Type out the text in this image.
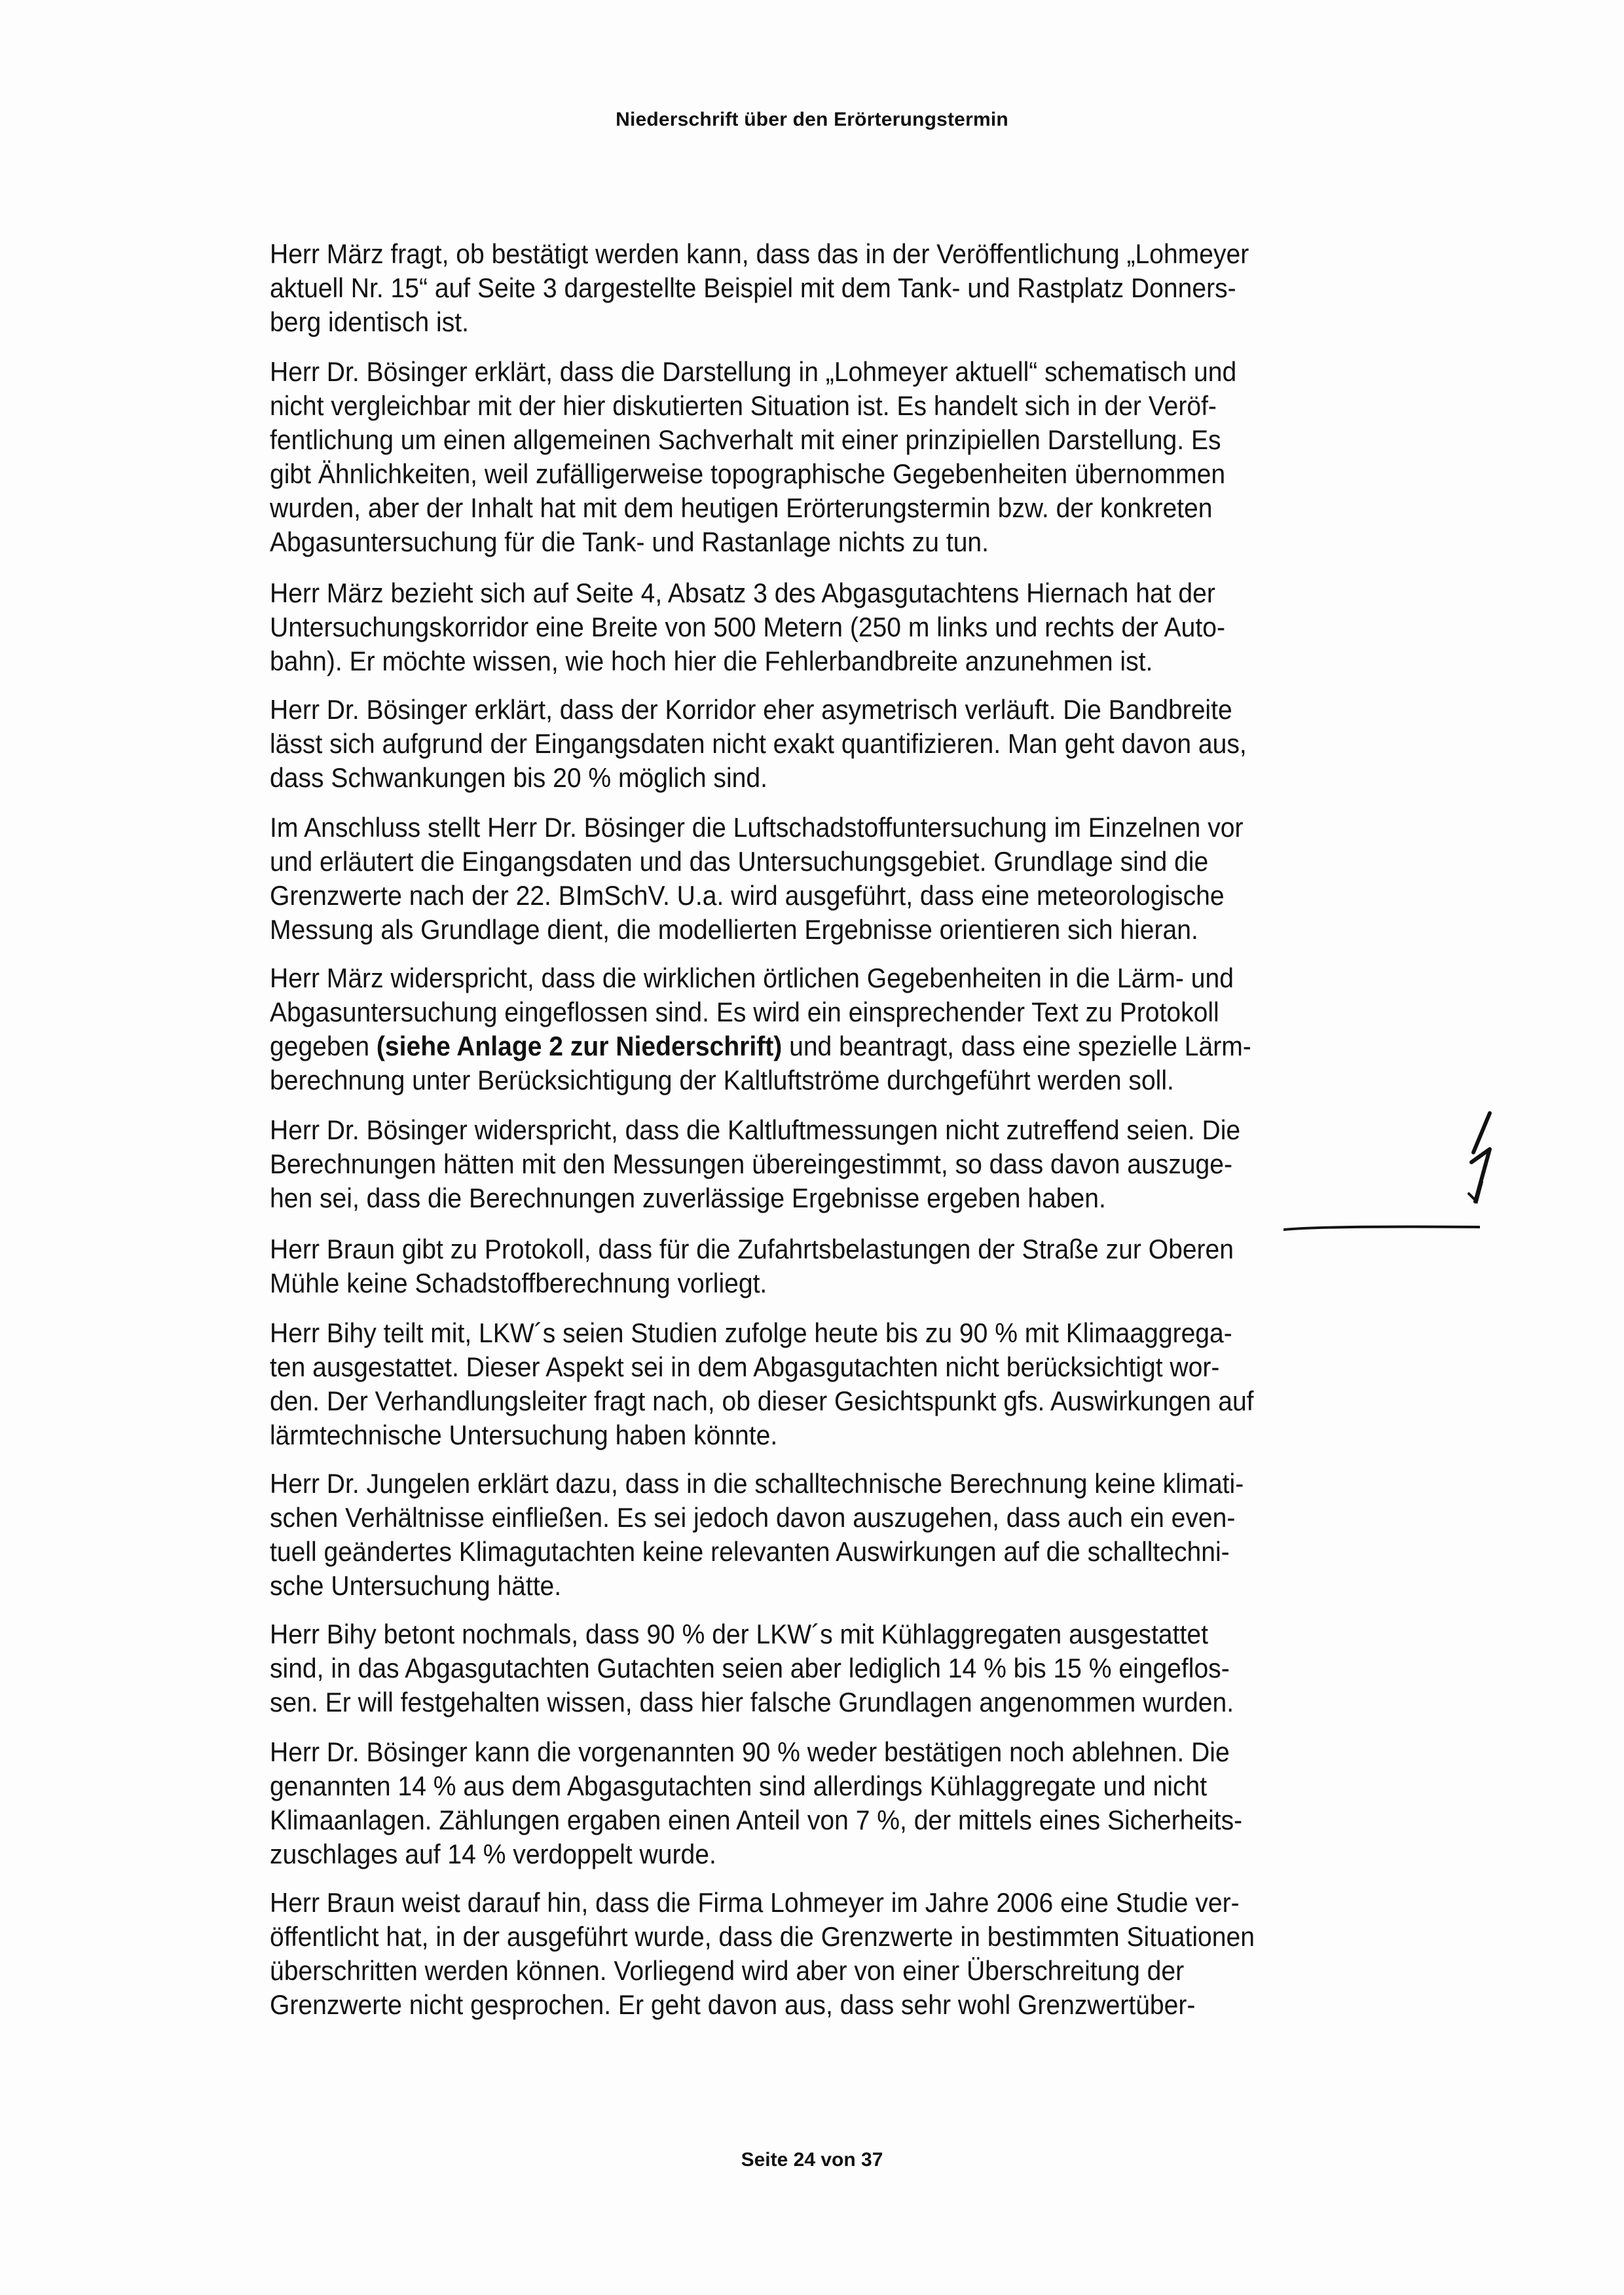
Niederschrift über den Erörterungstermin
Herr März fragt, ob bestätigt werden kann, dass das in der Veröffentlichung „Lohmeyer
aktuell Nr. 15“ auf Seite 3 dargestellte Beispiel mit dem Tank- und Rastplatz Donners-
berg identisch ist.
Herr Dr. Bösinger erklärt, dass die Darstellung in „Lohmeyer aktuell“ schematisch und
nicht vergleichbar mit der hier diskutierten Situation ist. Es handelt sich in der Veröf-
fentlichung um einen allgemeinen Sachverhalt mit einer prinzipiellen Darstellung. Es
gibt Ähnlichkeiten, weil zufälligerweise topographische Gegebenheiten übernommen
wurden, aber der Inhalt hat mit dem heutigen Erörterungstermin bzw. der konkreten
Abgasuntersuchung für die Tank- und Rastanlage nichts zu tun.
Herr März bezieht sich auf Seite 4, Absatz 3 des Abgasgutachtens Hiernach hat der
Untersuchungskorridor eine Breite von 500 Metern (250 m links und rechts der Auto-
bahn). Er möchte wissen, wie hoch hier die Fehlerbandbreite anzunehmen ist.
Herr Dr. Bösinger erklärt, dass der Korridor eher asymetrisch verläuft. Die Bandbreite
lässt sich aufgrund der Eingangsdaten nicht exakt quantifizieren. Man geht davon aus,
dass Schwankungen bis 20 % möglich sind.
Im Anschluss stellt Herr Dr. Bösinger die Luftschadstoffuntersuchung im Einzelnen vor
und erläutert die Eingangsdaten und das Untersuchungsgebiet. Grundlage sind die
Grenzwerte nach der 22. BImSchV. U.a. wird ausgeführt, dass eine meteorologische
Messung als Grundlage dient, die modellierten Ergebnisse orientieren sich hieran.
Herr März widerspricht, dass die wirklichen örtlichen Gegebenheiten in die Lärm- und
Abgasuntersuchung eingeflossen sind. Es wird ein einsprechender Text zu Protokoll
gegeben (siehe Anlage 2 zur Niederschrift) und beantragt, dass eine spezielle Lärm-
berechnung unter Berücksichtigung der Kaltluftströme durchgeführt werden soll.
Herr Dr. Bösinger widerspricht, dass die Kaltluftmessungen nicht zutreffend seien. Die
Berechnungen hätten mit den Messungen übereingestimmt, so dass davon auszuge-
hen sei, dass die Berechnungen zuverlässige Ergebnisse ergeben haben.
Herr Braun gibt zu Protokoll, dass für die Zufahrtsbelastungen der Straße zur Oberen
Mühle keine Schadstoffberechnung vorliegt.
Herr Bihy teilt mit, LKW´s seien Studien zufolge heute bis zu 90 % mit Klimaaggrega-
ten ausgestattet. Dieser Aspekt sei in dem Abgasgutachten nicht berücksichtigt wor-
den. Der Verhandlungsleiter fragt nach, ob dieser Gesichtspunkt gfs. Auswirkungen auf
lärmtechnische Untersuchung haben könnte.
Herr Dr. Jungelen erklärt dazu, dass in die schalltechnische Berechnung keine klimati-
schen Verhältnisse einfließen. Es sei jedoch davon auszugehen, dass auch ein even-
tuell geändertes Klimagutachten keine relevanten Auswirkungen auf die schalltechni-
sche Untersuchung hätte.
Herr Bihy betont nochmals, dass 90 % der LKW´s mit Kühlaggregaten ausgestattet
sind, in das Abgasgutachten Gutachten seien aber lediglich 14 % bis 15 % eingeflos-
sen. Er will festgehalten wissen, dass hier falsche Grundlagen angenommen wurden.
Herr Dr. Bösinger kann die vorgenannten 90 % weder bestätigen noch ablehnen. Die
genannten 14 % aus dem Abgasgutachten sind allerdings Kühlaggregate und nicht
Klimaanlagen. Zählungen ergaben einen Anteil von 7 %, der mittels eines Sicherheits-
zuschlages auf 14 % verdoppelt wurde.
Herr Braun weist darauf hin, dass die Firma Lohmeyer im Jahre 2006 eine Studie ver-
öffentlicht hat, in der ausgeführt wurde, dass die Grenzwerte in bestimmten Situationen
überschritten werden können. Vorliegend wird aber von einer Überschreitung der
Grenzwerte nicht gesprochen. Er geht davon aus, dass sehr wohl Grenzwertüber-
Seite 24 von 37
